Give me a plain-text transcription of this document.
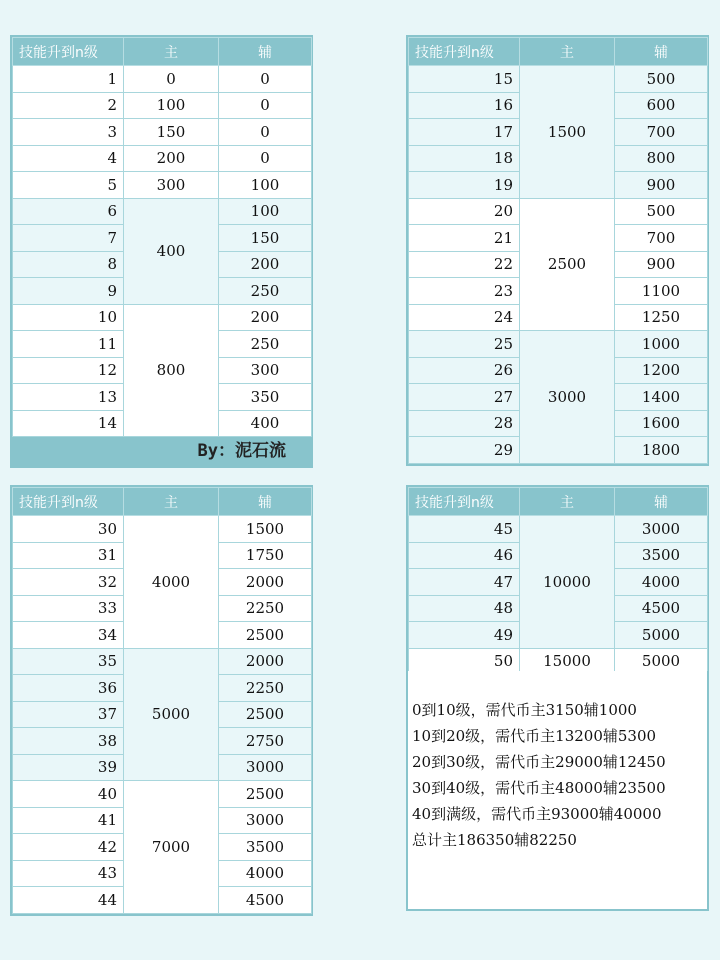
技能升到n级	主	辅
1	0	0
2	100	0
3	150	0
4	200	0
5	300	100
6	400	100
7		150
8		200
9		250
10	800	200
11		250
12		300
13		350
14		400
By：泥石流
技能升到n级	主	辅
15	1500	500
16		600
17		700
18		800
19		900
20	2500	500
21		700
22		900
23		1100
24		1250
25	3000	1000
26		1200
27		1400
28		1600
29		1800
技能升到n级	主	辅
30	4000	1500
31		1750
32		2000
33		2250
34		2500
35	5000	2000
36		2250
37		2500
38		2750
39		3000
40	7000	2500
41		3000
42		3500
43		4000
44		4500
技能升到n级	主	辅
45	10000	3000
46		3500
47		4000
48		4500
49		5000
50	15000	5000
0到10级，需代币主3150辅1000
10到20级，需代币主13200辅5300
20到30级，需代币主29000辅12450
30到40级，需代币主48000辅23500
40到满级，需代币主93000辅40000
总计主186350辅82250
